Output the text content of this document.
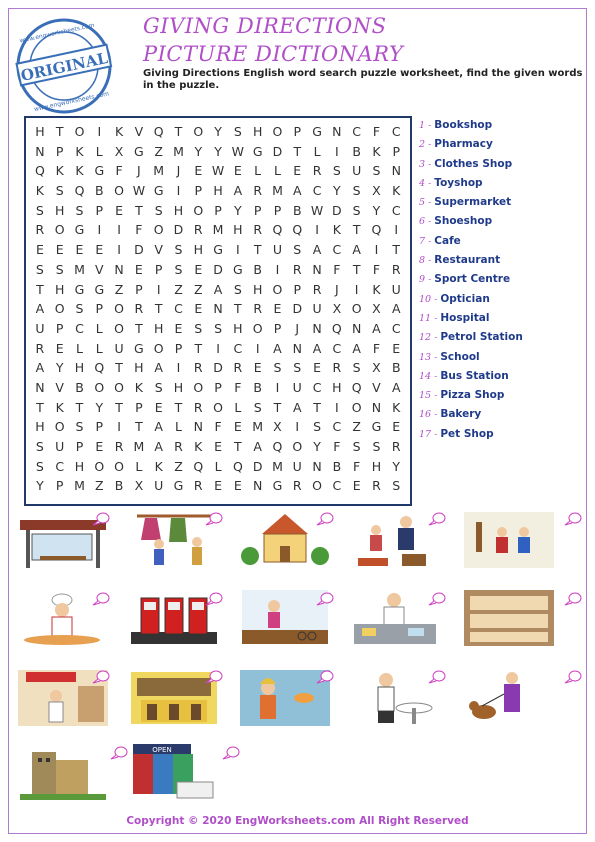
ORIGINAL
www.engworksheets.com
www.engworksheets.com
GIVING DIRECTIONS
PICTURE DICTIONARY
Giving Directions English word search puzzle worksheet, find the given words in the puzzle.
H T O	I	K V Q T O Y S H O P G N C F C
N P K L X G Z M Y Y W G D T L	I	B K P
Q K K G F	J	M	J	E W E L	L E R S U S N
K S Q B O W G	I	P H A R M A C Y S X K
S H S P E T S H O P Y P P B W D S Y C
R O G	I	I	F O D R M H R Q Q	I	K T Q	I
E E E E	I	D V S H G	I	T U S A C A	I	T
S S M V N E P S E D G B	I	R N F T F R
T H G G Z P	I	Z Z A S H O P R	J	I	K U
A O S P O R T C E N T R E D U X O X A
U P C L O T H E S S H O P	J	N Q N A C
R E L	L U G O P T	I	C	I	A N A C A F E
A Y H Q T H A	I	R D R E S S E R S X B
N V B O O K S H O P F B	I	U C H Q V A
T K T Y T P E T R O L S T A T	I	O N K
H O S P	I	T A L N F E M X	I	S C Z G E
S U P E R M A R K E T A Q O Y F S S R
S C H O O L K Z Q L Q D M U N B F H Y
Y P M Z B X U G R E E N G R O C E R S
1 - Bookshop
2 - Pharmacy
3 - Clothes Shop
4 - Toyshop
5 - Supermarket
6 - Shoeshop
7 - Cafe
8 - Restaurant
9 - Sport Centre
10 - Optician
11 - Hospital
12 - Petrol Station
13 - School
14 - Bus Station
15 - Pizza Shop
16 - Bakery
17 - Pet Shop
OPEN
Copyright © 2020 EngWorksheets.com All Right Reserved
